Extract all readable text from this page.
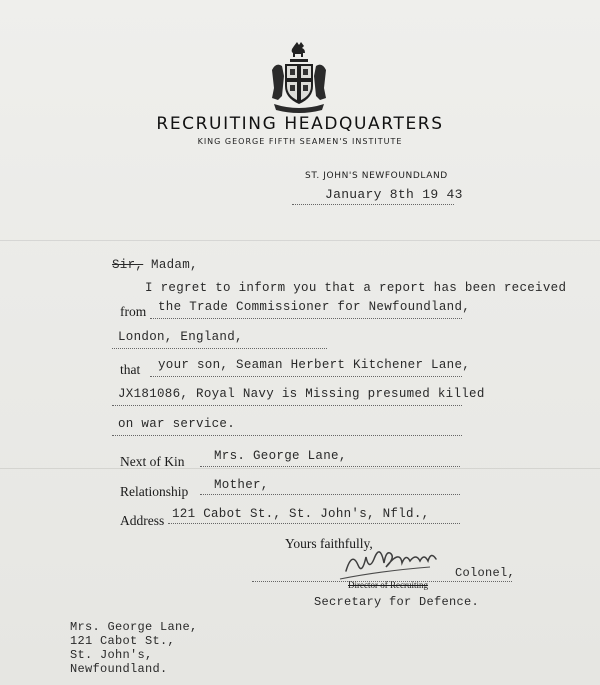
RECRUITING HEADQUARTERS
KING GEORGE FIFTH SEAMEN'S INSTITUTE
ST. JOHN'S NEWFOUNDLAND
January 8th 19 43
Sir, Madam,
I regret to inform you that a report has been received
from the Trade Commissioner for Newfoundland,
London, England,
that your son, Seaman Herbert Kitchener Lane,
JX181086, Royal Navy is Missing presumed killed
on war service.
Next of Kin Mrs. George Lane,
Relationship Mother,
Address 121 Cabot St., St. John's, Nfld.,
Yours faithfully,
Colonel,
Director of Recruiting
Secretary for Defence.
Mrs. George Lane,
121 Cabot St.,
St. John's,
Newfoundland.
